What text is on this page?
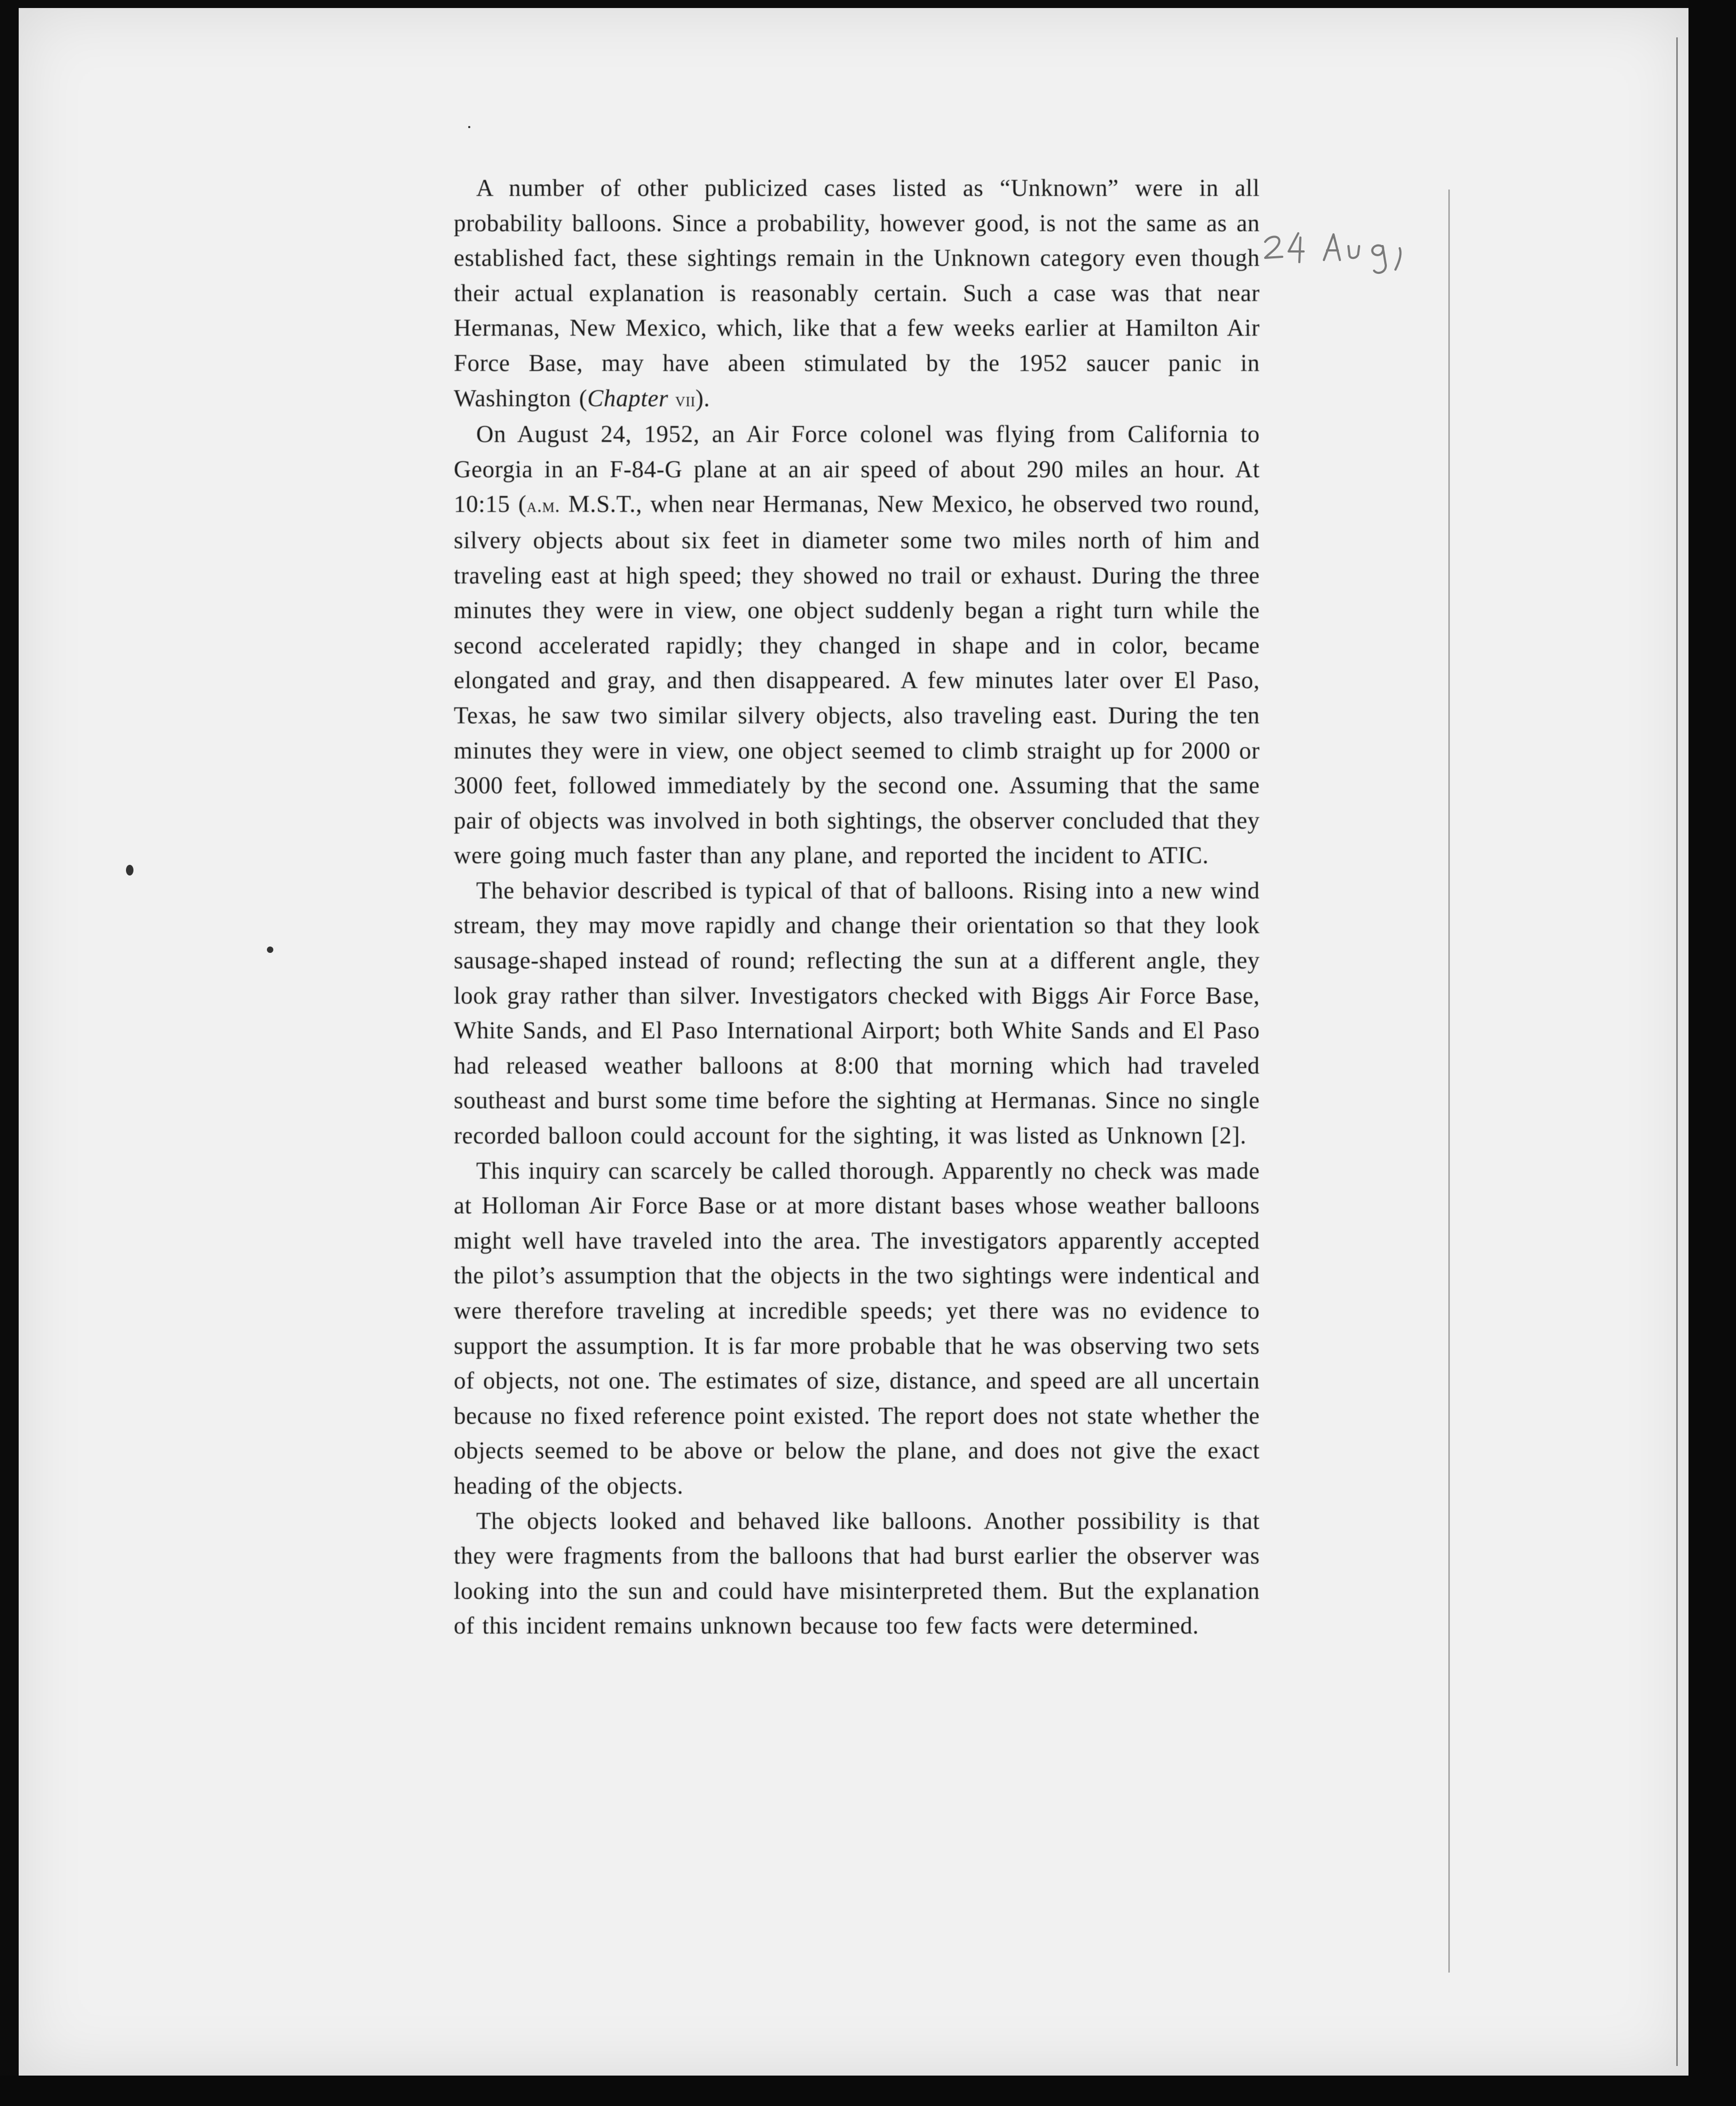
A number of other publicized cases listed as “Unknown” were in all probability balloons. Since a probability, however good, is not the same as an established fact, these sightings remain in the Unknown category even though their actual explanation is reasonably certain. Such a case was that near Hermanas, New Mexico, which, like that a few weeks earlier at Hamilton Air Force Base, may have abeen stimulated by the 1952 saucer panic in Washington (Chapter vii).

On August 24, 1952, an Air Force colonel was flying from California to Georgia in an F-84-G plane at an air speed of about 290 miles an hour. At 10:15 (a.m. M.S.T., when near Hermanas, New Mexico, he observed two round, silvery objects about six feet in diameter some two miles north of him and traveling east at high speed; they showed no trail or exhaust. During the three minutes they were in view, one object suddenly began a right turn while the second accelerated rapidly; they changed in shape and in color, became elongated and gray, and then disappeared. A few minutes later over El Paso, Texas, he saw two similar silvery objects, also traveling east. During the ten minutes they were in view, one object seemed to climb straight up for 2000 or 3000 feet, followed immediately by the second one. Assuming that the same pair of objects was involved in both sightings, the observer concluded that they were going much faster than any plane, and reported the incident to ATIC.

The behavior described is typical of that of balloons. Rising into a new wind stream, they may move rapidly and change their orientation so that they look sausage-shaped instead of round; reflecting the sun at a different angle, they look gray rather than silver. Investigators checked with Biggs Air Force Base, White Sands, and El Paso International Airport; both White Sands and El Paso had released weather balloons at 8:00 that morning which had traveled southeast and burst some time before the sighting at Hermanas. Since no single recorded balloon could account for the sighting, it was listed as Unknown [2].

This inquiry can scarcely be called thorough. Apparently no check was made at Holloman Air Force Base or at more distant bases whose weather balloons might well have traveled into the area. The investigators apparently accepted the pilot’s assumption that the objects in the two sightings were indentical and were therefore traveling at incredible speeds; yet there was no evidence to support the assumption. It is far more probable that he was observing two sets of objects, not one. The estimates of size, distance, and speed are all uncertain because no fixed reference point existed. The report does not state whether the objects seemed to be above or below the plane, and does not give the exact heading of the objects.

The objects looked and behaved like balloons. Another possibility is that they were fragments from the balloons that had burst earlier the observer was looking into the sun and could have misinterpreted them. But the explanation of this incident remains unknown because too few facts were determined.
